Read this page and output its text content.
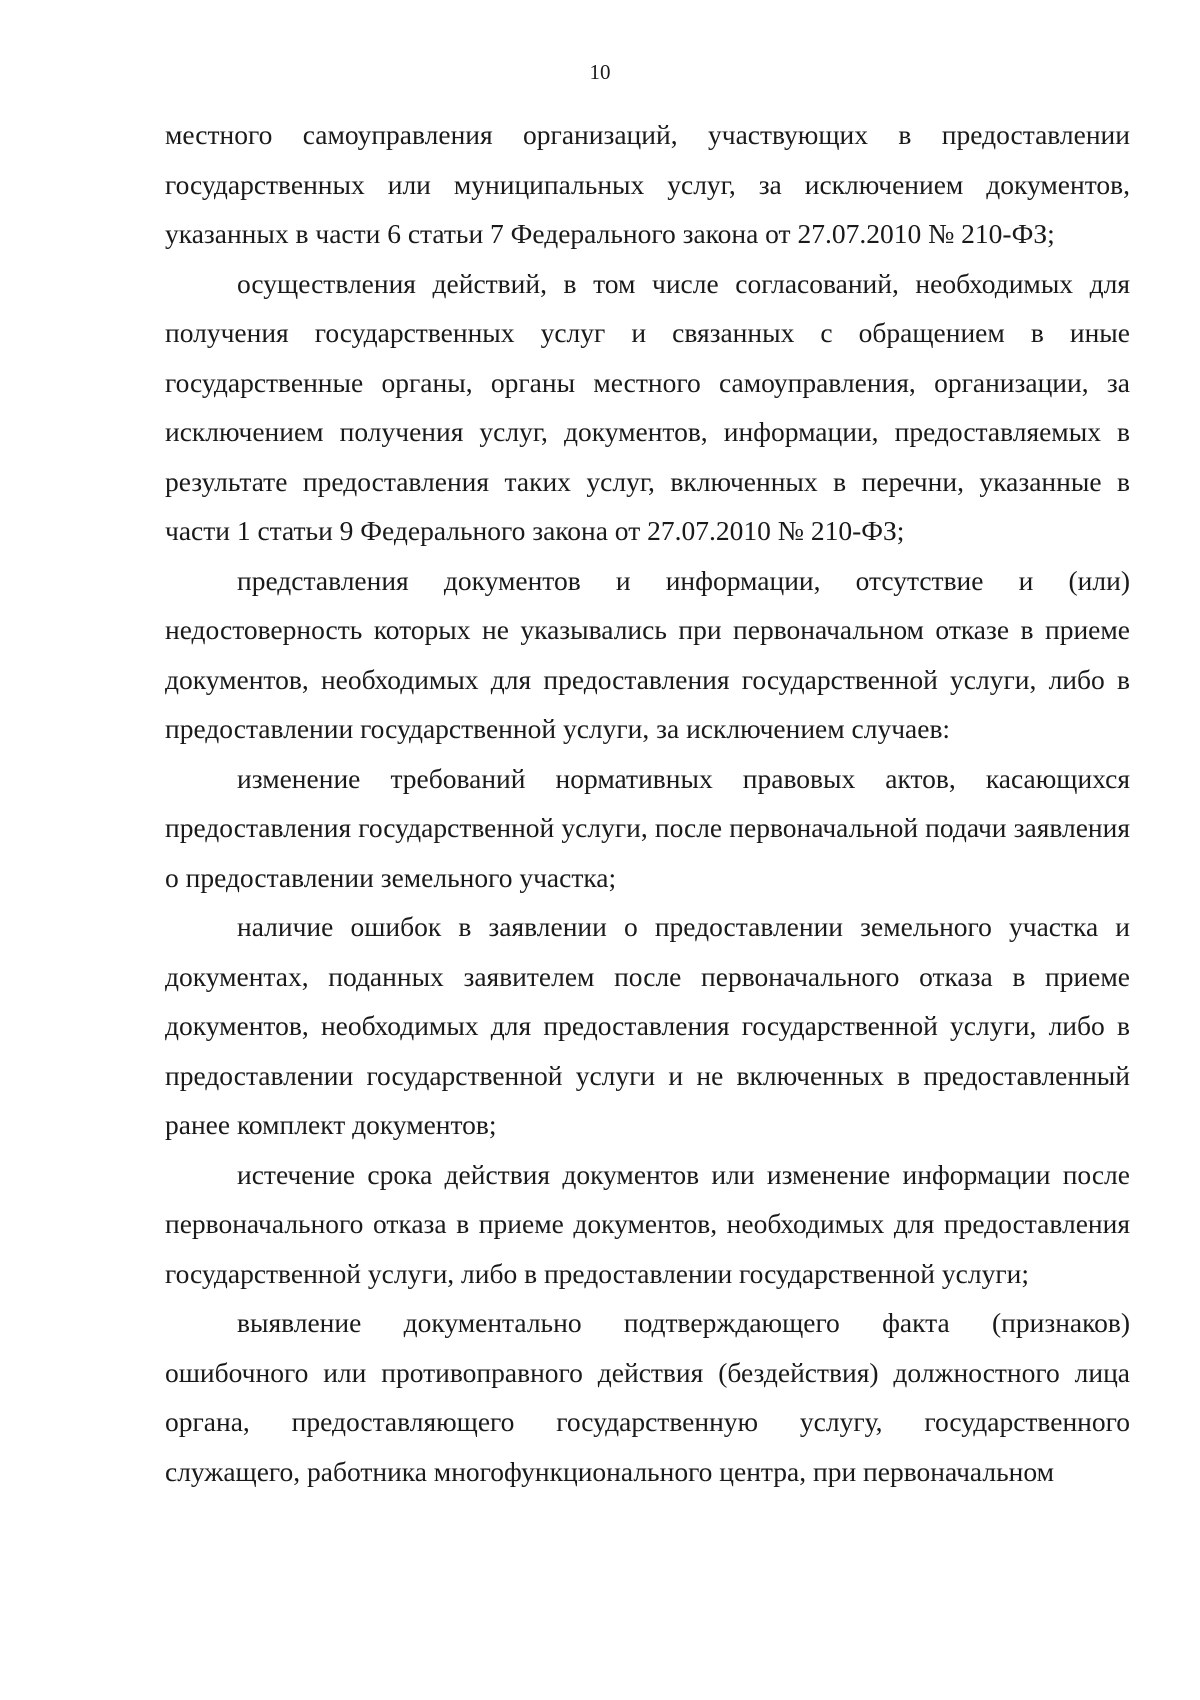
10

местного самоуправления организаций, участвующих в предоставлении государственных или муниципальных услуг, за исключением документов, указанных в части 6 статьи 7 Федерального закона от 27.07.2010 № 210-ФЗ;

осуществления действий, в том числе согласований, необходимых для получения государственных услуг и связанных с обращением в иные государственные органы, органы местного самоуправления, организации, за исключением получения услуг, документов, информации, предоставляемых в результате предоставления таких услуг, включенных в перечни, указанные в части 1 статьи 9 Федерального закона от 27.07.2010 № 210-ФЗ;

представления документов и информации, отсутствие и (или) недостоверность которых не указывались при первоначальном отказе в приеме документов, необходимых для предоставления государственной услуги, либо в предоставлении государственной услуги, за исключением случаев:

изменение требований нормативных правовых актов, касающихся предоставления государственной услуги, после первоначальной подачи заявления о предоставлении земельного участка;

наличие ошибок в заявлении о предоставлении земельного участка и документах, поданных заявителем после первоначального отказа в приеме документов, необходимых для предоставления государственной услуги, либо в предоставлении государственной услуги и не включенных в предоставленный ранее комплект документов;

истечение срока действия документов или изменение информации после первоначального отказа в приеме документов, необходимых для предоставления государственной услуги, либо в предоставлении государственной услуги;

выявление документально подтверждающего факта (признаков) ошибочного или противоправного действия (бездействия) должностного лица органа, предоставляющего государственную услугу, государственного служащего, работника многофункционального центра, при первоначальном
